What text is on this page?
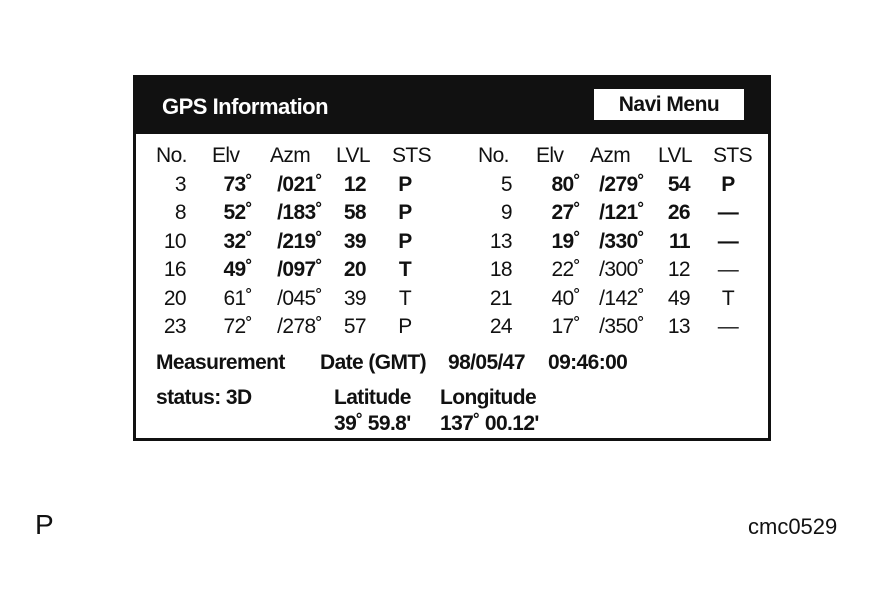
GPS Information	Navi Menu
No. Elv Azm LVL STS
3	73˚	/021˚	12	P
8	52˚	/183˚	58	P
10	32˚	/219˚	39	P
16	49˚	/097˚	20	T
20	61˚	/045˚	39	T
23	72˚	/278˚	57	P
No. Elv Azm LVL STS
5	80˚ /279˚	54	P
9	27˚ /121˚	26	—
13	19˚ /330˚	11	—
18	22˚ /300˚	12	—
21	40˚ /142˚	49	T
24	17˚ /350˚	13	—
Measurement Date (GMT) 98/05/47 09:46:00
status: 3D	Latitude Longitude
39˚ 59.8' 137˚ 00.12'
P	cmc0529
